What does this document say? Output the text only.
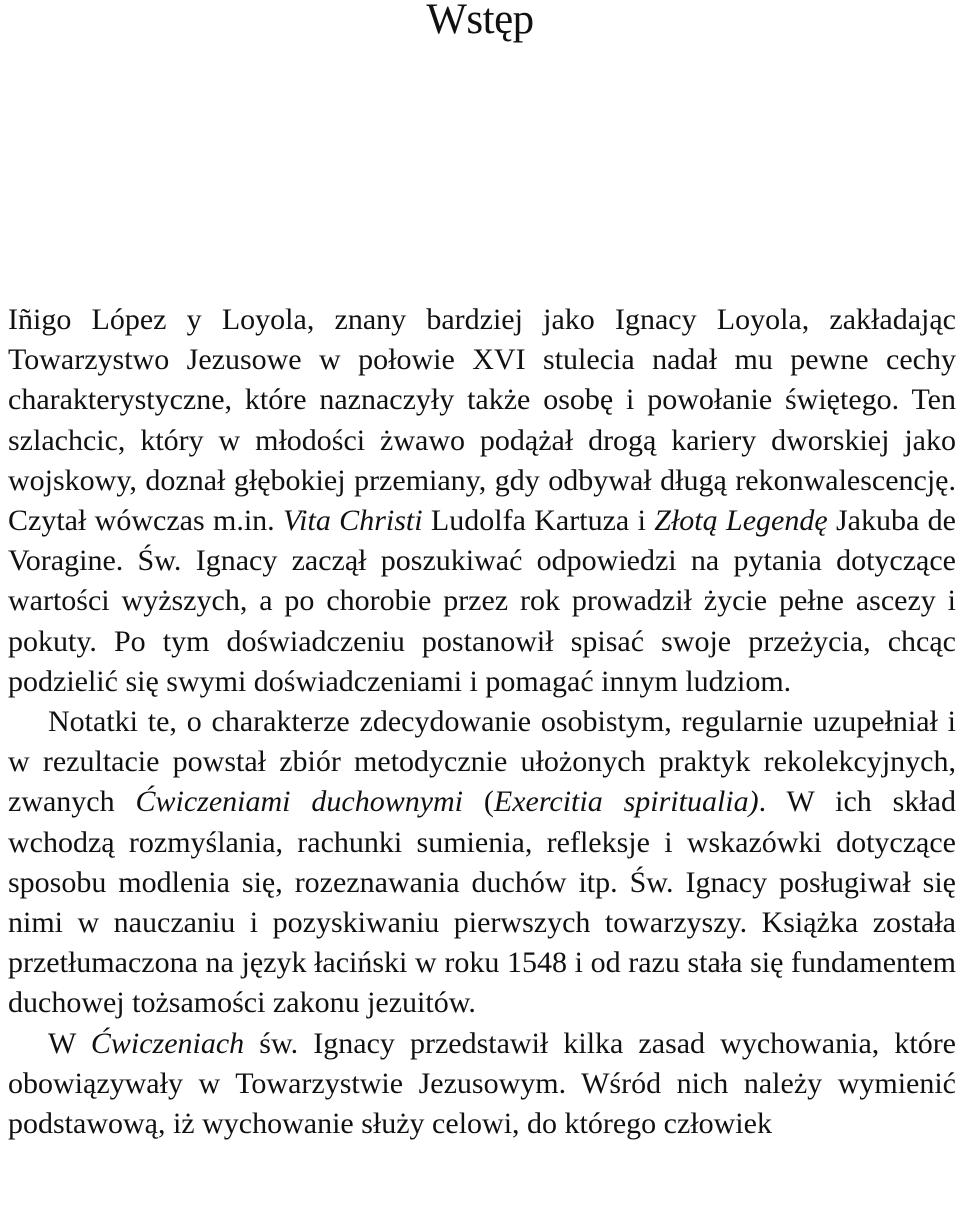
Wstęp

Iñigo López y Loyola, znany bardziej jako Ignacy Loyola, zakładając Towarzystwo Jezusowe w połowie XVI stulecia nadał mu pewne cechy charakterystyczne, które naznaczyły także osobę i powołanie świętego. Ten szlachcic, który w młodości żwawo podążał drogą kariery dworskiej jako wojskowy, doznał głębokiej przemiany, gdy odbywał długą rekonwalescencję. Czytał wówczas m.in. Vita Christi Ludolfa Kartuza i Złotą Legendę Jakuba de Voragine. Św. Ignacy zaczął poszukiwać odpowiedzi na pytania dotyczące wartości wyższych, a po chorobie przez rok prowadził życie pełne ascezy i pokuty. Po tym doświadczeniu postanowił spisać swoje przeżycia, chcąc podzielić się swymi doświadczeniami i pomagać innym ludziom.

Notatki te, o charakterze zdecydowanie osobistym, regularnie uzupełniał i w rezultacie powstał zbiór metodycznie ułożonych praktyk rekolekcyjnych, zwanych Ćwiczeniami duchownymi (Exercitia spiritualia). W ich skład wchodzą rozmyślania, rachunki sumienia, refleksje i wskazówki dotyczące sposobu modlenia się, rozeznawania duchów itp. Św. Ignacy posługiwał się nimi w nauczaniu i pozyskiwaniu pierwszych towarzyszy. Książka została przetłumaczona na język łaciński w roku 1548 i od razu stała się fundamentem duchowej tożsamości zakonu jezuitów.

W Ćwiczeniach św. Ignacy przedstawił kilka zasad wychowania, które obowiązywały w Towarzystwie Jezusowym. Wśród nich należy wymienić podstawową, iż wychowanie służy celowi, do którego człowiek
